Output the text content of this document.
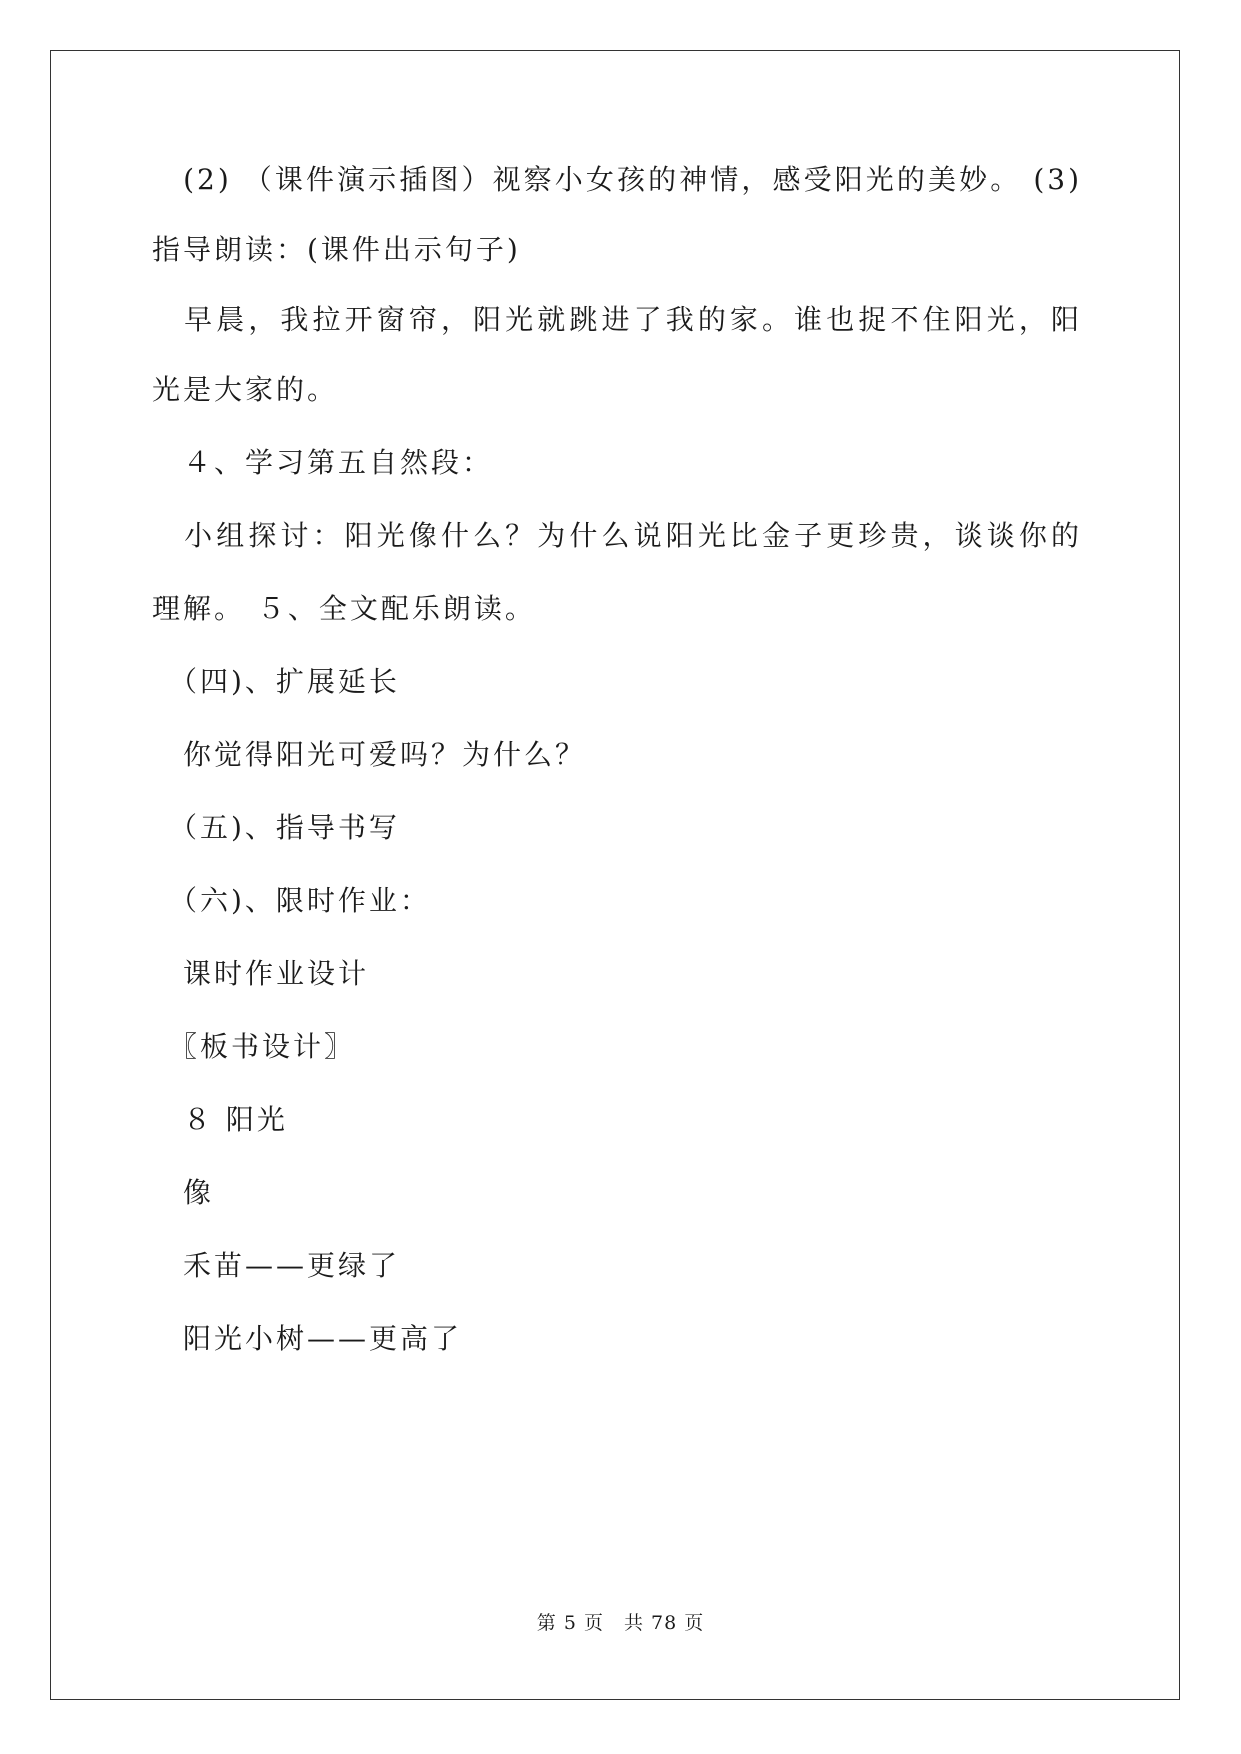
　(2) （课件演示插图）视察小女孩的神情，感受阳光的美妙。 (3)
指导朗读：(课件出示句子)
　早晨，我拉开窗帘，阳光就跳进了我的家。谁也捉不住阳光，阳
光是大家的。
　４、学习第五自然段：
　小组探讨：阳光像什么？为什么说阳光比金子更珍贵，谈谈你的
理解。 ５、全文配乐朗读。
　（四)、扩展延长
　你觉得阳光可爱吗？为什么？
　（五)、指导书写
　（六)、限时作业：
　课时作业设计
　〖板书设计〗
　８ 阳光
　像
　禾苗——更绿了
　阳光小树——更高了
第 5 页　共 78 页
